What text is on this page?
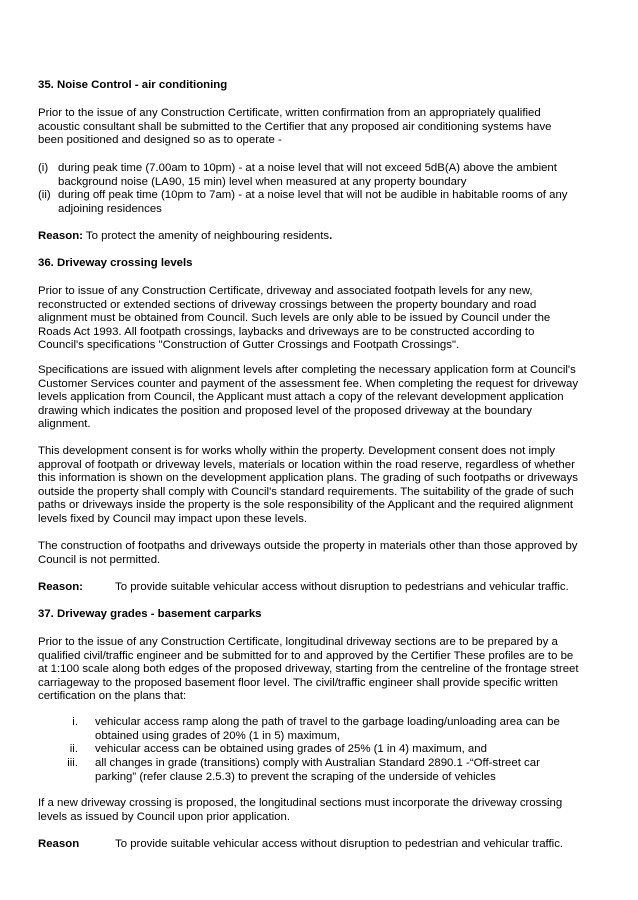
35. Noise Control - air conditioning
Prior to the issue of any Construction Certificate, written confirmation from an appropriately qualified
acoustic consultant shall be submitted to the Certifier that any proposed air conditioning systems have
been positioned and designed so as to operate -
(i) during peak time (7.00am to 10pm) - at a noise level that will not exceed 5dB(A) above the ambient
background noise (LA90, 15 min) level when measured at any property boundary
(ii) during off peak time (10pm to 7am) - at a noise level that will not be audible in habitable rooms of any
adjoining residences
Reason: To protect the amenity of neighbouring residents.
36. Driveway crossing levels
Prior to issue of any Construction Certificate, driveway and associated footpath levels for any new,
reconstructed or extended sections of driveway crossings between the property boundary and road
alignment must be obtained from Council. Such levels are only able to be issued by Council under the
Roads Act 1993. All footpath crossings, laybacks and driveways are to be constructed according to
Council's specifications "Construction of Gutter Crossings and Footpath Crossings".
Specifications are issued with alignment levels after completing the necessary application form at Council's
Customer Services counter and payment of the assessment fee. When completing the request for driveway
levels application from Council, the Applicant must attach a copy of the relevant development application
drawing which indicates the position and proposed level of the proposed driveway at the boundary
alignment.
This development consent is for works wholly within the property. Development consent does not imply
approval of footpath or driveway levels, materials or location within the road reserve, regardless of whether
this information is shown on the development application plans. The grading of such footpaths or driveways
outside the property shall comply with Council's standard requirements. The suitability of the grade of such
paths or driveways inside the property is the sole responsibility of the Applicant and the required alignment
levels fixed by Council may impact upon these levels.
The construction of footpaths and driveways outside the property in materials other than those approved by
Council is not permitted.
Reason:	To provide suitable vehicular access without disruption to pedestrians and vehicular traffic.
37. Driveway grades - basement carparks
Prior to the issue of any Construction Certificate, longitudinal driveway sections are to be prepared by a
qualified civil/traffic engineer and be submitted for to and approved by the Certifier These profiles are to be
at 1:100 scale along both edges of the proposed driveway, starting from the centreline of the frontage street
carriageway to the proposed basement floor level. The civil/traffic engineer shall provide specific written
certification on the plans that:
i. vehicular access ramp along the path of travel to the garbage loading/unloading area can be
obtained using grades of 20% (1 in 5) maximum,
ii. vehicular access can be obtained using grades of 25% (1 in 4) maximum, and
iii. all changes in grade (transitions) comply with Australian Standard 2890.1 -“Off-street car
parking” (refer clause 2.5.3) to prevent the scraping of the underside of vehicles
If a new driveway crossing is proposed, the longitudinal sections must incorporate the driveway crossing
levels as issued by Council upon prior application.
Reason	To provide suitable vehicular access without disruption to pedestrian and vehicular traffic.
